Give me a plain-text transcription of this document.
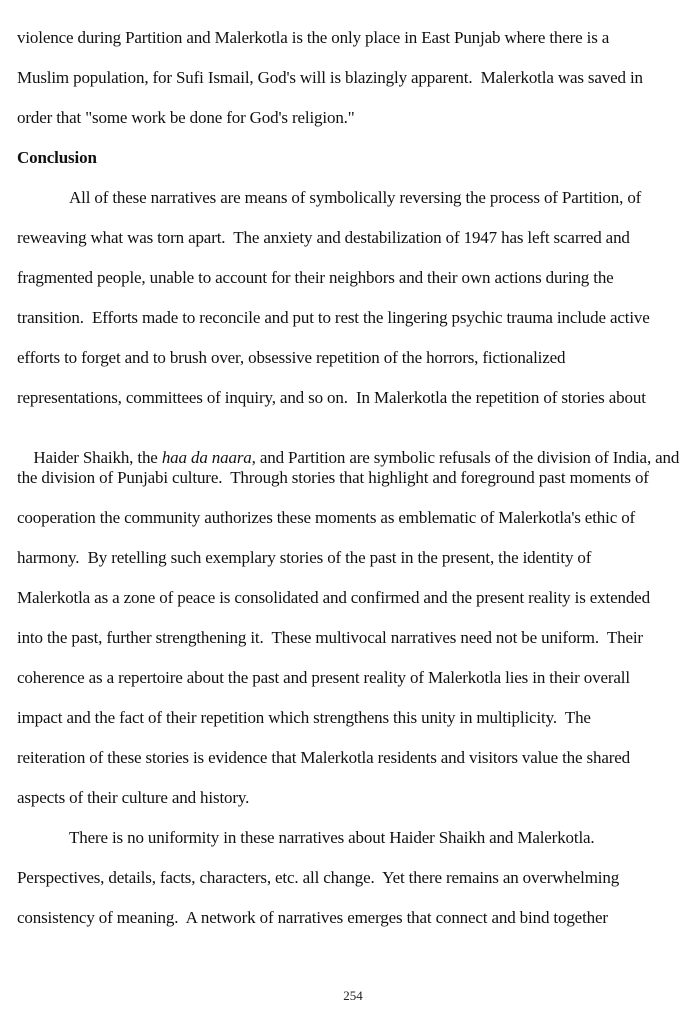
violence during Partition and Malerkotla is the only place in East Punjab where there is a
Muslim population, for Sufi Ismail, God's will is blazingly apparent.  Malerkotla was saved in
order that "some work be done for God's religion."
Conclusion
All of these narratives are means of symbolically reversing the process of Partition, of
reweaving what was torn apart.  The anxiety and destabilization of 1947 has left scarred and
fragmented people, unable to account for their neighbors and their own actions during the
transition.  Efforts made to reconcile and put to rest the lingering psychic trauma include active
efforts to forget and to brush over, obsessive repetition of the horrors, fictionalized
representations, committees of inquiry, and so on.  In Malerkotla the repetition of stories about

Haider Shaikh, the haa da naara, and Partition are symbolic refusals of the division of India, and

the division of Punjabi culture.  Through stories that highlight and foreground past moments of
cooperation the community authorizes these moments as emblematic of Malerkotla's ethic of
harmony.  By retelling such exemplary stories of the past in the present, the identity of
Malerkotla as a zone of peace is consolidated and confirmed and the present reality is extended
into the past, further strengthening it.  These multivocal narratives need not be uniform.  Their
coherence as a repertoire about the past and present reality of Malerkotla lies in their overall
impact and the fact of their repetition which strengthens this unity in multiplicity.  The
reiteration of these stories is evidence that Malerkotla residents and visitors value the shared
aspects of their culture and history.
There is no uniformity in these narratives about Haider Shaikh and Malerkotla.
Perspectives, details, facts, characters, etc. all change.  Yet there remains an overwhelming
consistency of meaning.  A network of narratives emerges that connect and bind together
254
